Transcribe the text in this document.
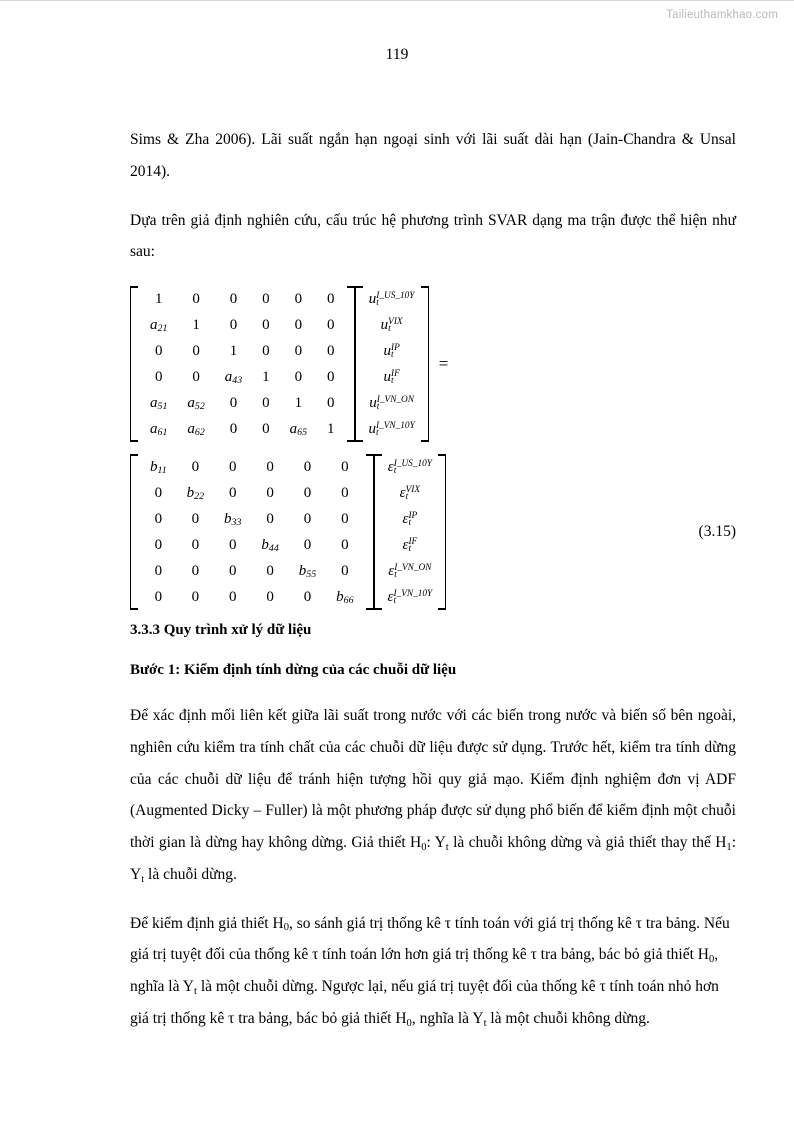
Tailieuthamkhao.com
119

Sims & Zha 2006). Lãi suất ngắn hạn ngoại sinh với lãi suất dài hạn (Jain-Chandra & Unsal 2014).

Dựa trên giả định nghiên cứu, cấu trúc hệ phương trình SVAR dạng ma trận được thể hiện như sau:

1	0	0	0	0	0
$a_{21}$	1	0	0	0	0
0	0	1	0	0	0
0	0	$a_{43}$	1	0	0
$a_{51}$	$a_{52}$	0	0	1	0
$a_{61}$	$a_{62}$	0	0	$a_{65}$	1
$ut^{I\_US\_10Y}$
$ut^{VIX}$
$ut^{IP}$
$ut^{IF}$
$ut^{I\_VN\_ON}$
$ut^{I\_VN\_10Y}$
=
$b_{11}$	0	0	0	0	0
0	$b_{22}$	0	0	0	0
0	0	$b_{33}$	0	0	0
0	0	0	$b_{44}$	0	0
0	0	0	0	$b_{55}$	0
0	0	0	0	0	$b_{66}$
$\varepsilon t^{I\_US\_10Y}$
$\varepsilon t^{VIX}$
$\varepsilon t^{IP}$
$\varepsilon t^{IF}$
$\varepsilon t^{I\_VN\_ON}$
$\varepsilon t^{I\_VN\_10Y}$
(3.15)
3.3.3 Quy trình xử lý dữ liệu
Bước 1: Kiểm định tính dừng của các chuỗi dữ liệu

Để xác định mối liên kết giữa lãi suất trong nước với các biến trong nước và biến số bên ngoài, nghiên cứu kiểm tra tính chất của các chuỗi dữ liệu được sử dụng. Trước hết, kiểm tra tính dừng của các chuỗi dữ liệu để tránh hiện tượng hồi quy giả mạo. Kiểm định nghiệm đơn vị ADF (Augmented Dicky – Fuller) là một phương pháp được sử dụng phổ biến để kiểm định một chuỗi thời gian là dừng hay không dừng. Giả thiết $H_0$: $Y_t$ là chuỗi không dừng và giả thiết thay thế $H_1$: $Y_t$ là chuỗi dừng.

Để kiểm định giả thiết $H_0$, so sánh giá trị thống kê τ tính toán với giá trị thống kê τ tra bảng. Nếu giá trị tuyệt đối của thống kê τ tính toán lớn hơn giá trị thống kê τ tra bảng, bác bỏ giả thiết $H_0$, nghĩa là $Y_t$ là một chuỗi dừng. Ngược lại, nếu giá trị tuyệt đối của thống kê τ tính toán nhỏ hơn giá trị thống kê τ tra bảng, bác bỏ giả thiết $H_0$, nghĩa là $Y_t$ là một chuỗi không dừng.
